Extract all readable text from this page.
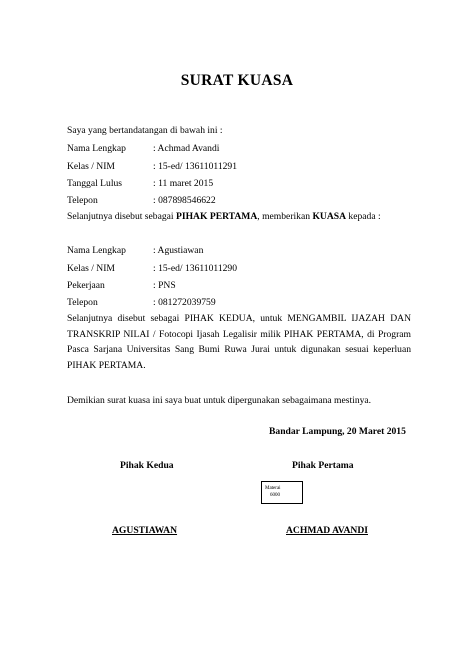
SURAT KUASA
Saya yang bertandatangan di bawah ini :
Nama Lengkap	: Achmad Avandi
Kelas / NIM	: 15-ed/ 13611011291
Tanggal Lulus	: 11 maret 2015
Telepon	: 087898546622
Selanjutnya disebut sebagai PIHAK PERTAMA, memberikan KUASA kepada :
Nama Lengkap	: Agustiawan
Kelas / NIM	: 15-ed/ 13611011290
Pekerjaan	: PNS
Telepon	: 081272039759
Selanjutnya disebut sebagai PIHAK KEDUA, untuk MENGAMBIL IJAZAH DAN TRANSKRIP NILAI / Fotocopi Ijasah Legalisir milik PIHAK PERTAMA, di Program Pasca Sarjana Universitas Sang Bumi Ruwa Jurai untuk digunakan sesuai keperluan PIHAK PERTAMA.
Demikian surat kuasa ini saya buat untuk dipergunakan sebagaimana mestinya.
Bandar Lampung, 20 Maret 2015
Pihak Kedua	Pihak Pertama
Materai
6000
AGUSTIAWAN	ACHMAD AVANDI
